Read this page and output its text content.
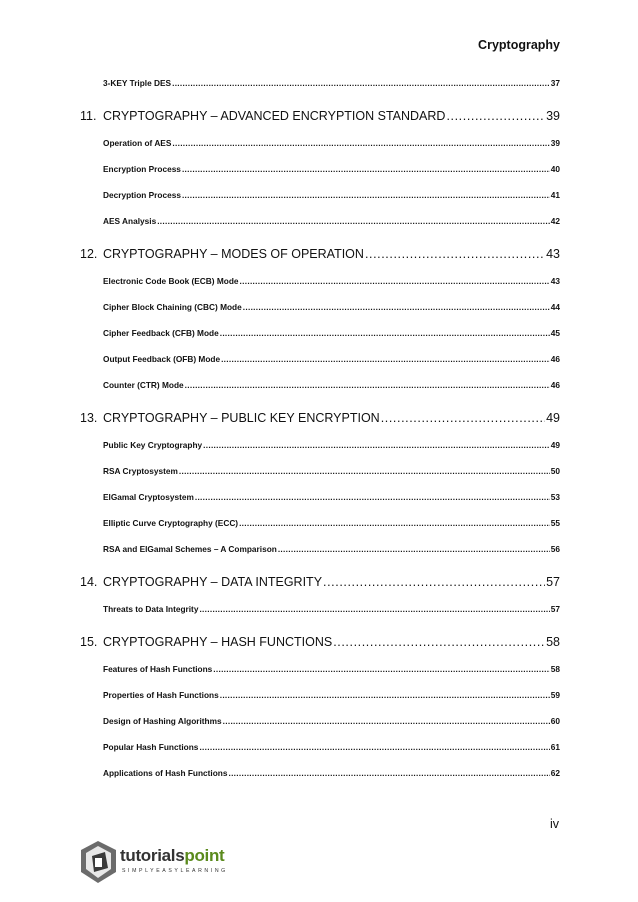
Cryptography
3-KEY Triple DES .....	37
11. CRYPTOGRAPHY – ADVANCED ENCRYPTION STANDARD .....	39
Operation of AES .....	39
Encryption Process .....	40
Decryption Process .....	41
AES Analysis .....	42
12. CRYPTOGRAPHY – MODES OF OPERATION .....	43
Electronic Code Book (ECB) Mode .....	43
Cipher Block Chaining (CBC) Mode .....	44
Cipher Feedback (CFB) Mode .....	45
Output Feedback (OFB) Mode .....	46
Counter (CTR) Mode .....	46
13. CRYPTOGRAPHY – PUBLIC KEY ENCRYPTION .....	49
Public Key Cryptography .....	49
RSA Cryptosystem .....	50
ElGamal Cryptosystem .....	53
Elliptic Curve Cryptography (ECC) .....	55
RSA and ElGamal Schemes – A Comparison .....	56
14. CRYPTOGRAPHY – DATA INTEGRITY .....	57
Threats to Data Integrity .....	57
15. CRYPTOGRAPHY – HASH FUNCTIONS .....	58
Features of Hash Functions .....	58
Properties of Hash Functions .....	59
Design of Hashing Algorithms .....	60
Popular Hash Functions .....	61
Applications of Hash Functions .....	62
iv
tutorialspoint
SIMPLYEASYLEARNING
